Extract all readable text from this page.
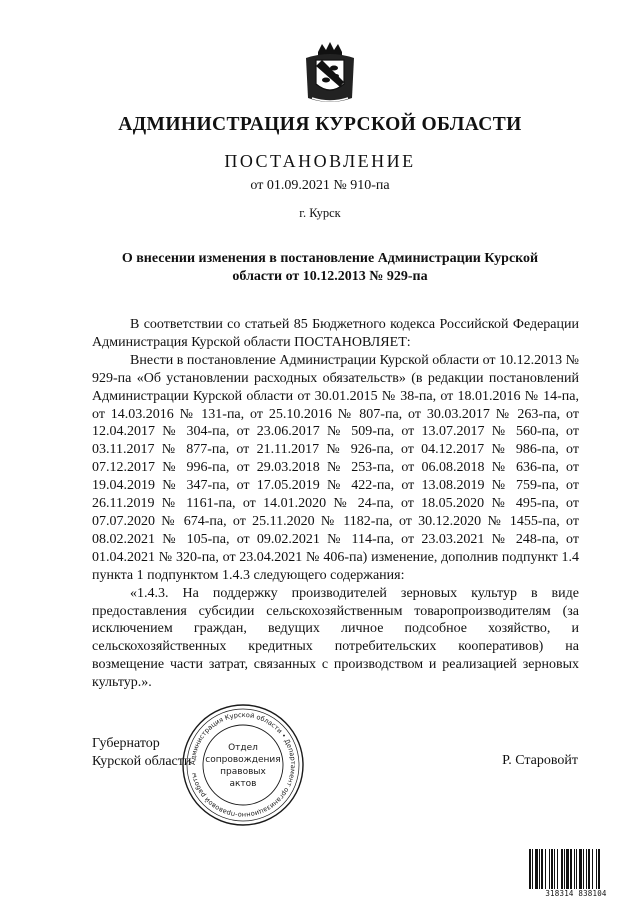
АДМИНИСТРАЦИЯ КУРСКОЙ ОБЛАСТИ
ПОСТАНОВЛЕНИЕ
от 01.09.2021 № 910-па
г. Курск
О внесении изменения в постановление Администрации Курской
области от 10.12.2013 № 929-па

В соответствии со статьей 85 Бюджетного кодекса Российской Федерации Администрация Курской области ПОСТАНОВЛЯЕТ:

Внести в постановление Администрации Курской области от 10.12.2013 № 929-па «Об установлении расходных обязательств» (в редакции постановлений Администрации Курской области от 30.01.2015 № 38-па, от 18.01.2016 № 14-па, от 14.03.2016 № 131-па, от 25.10.2016 № 807-па, от 30.03.2017 № 263-па, от 12.04.2017 № 304-па, от 23.06.2017 № 509-па, от 13.07.2017 № 560-па, от 03.11.2017 № 877-па, от 21.11.2017 № 926-па, от 04.12.2017 № 986-па, от 07.12.2017 № 996-па, от 29.03.2018 № 253-па, от 06.08.2018 № 636-па, от 19.04.2019 № 347-па, от 17.05.2019 № 422-па, от 13.08.2019 № 759-па, от 26.11.2019 № 1161-па, от 14.01.2020 № 24-па, от 18.05.2020 № 495-па, от 07.07.2020 № 674-па, от 25.11.2020 № 1182-па, от 30.12.2020 № 1455-па, от 08.02.2021 № 105-па, от 09.02.2021 № 114-па, от 23.03.2021 № 248-па, от 01.04.2021 № 320-па, от 23.04.2021 № 406-па) изменение, дополнив подпункт 1.4 пункта 1 подпунктом 1.4.3 следующего содержания:

«1.4.3. На поддержку производителей зерновых культур в виде предоставления субсидии сельскохозяйственным товаропроизводителям (за исключением граждан, ведущих личное подсобное хозяйство, и сельскохозяйственных кредитных потребительских кооперативов) на возмещение части затрат, связанных с производством и реализацией зерновых культур.».

Губернатор
Курской области	Р. Старовойт
Администрация Курской области • Департамент организационно-правовой работы
Отдел
сопровождения
правовых
актов
318314 838104
